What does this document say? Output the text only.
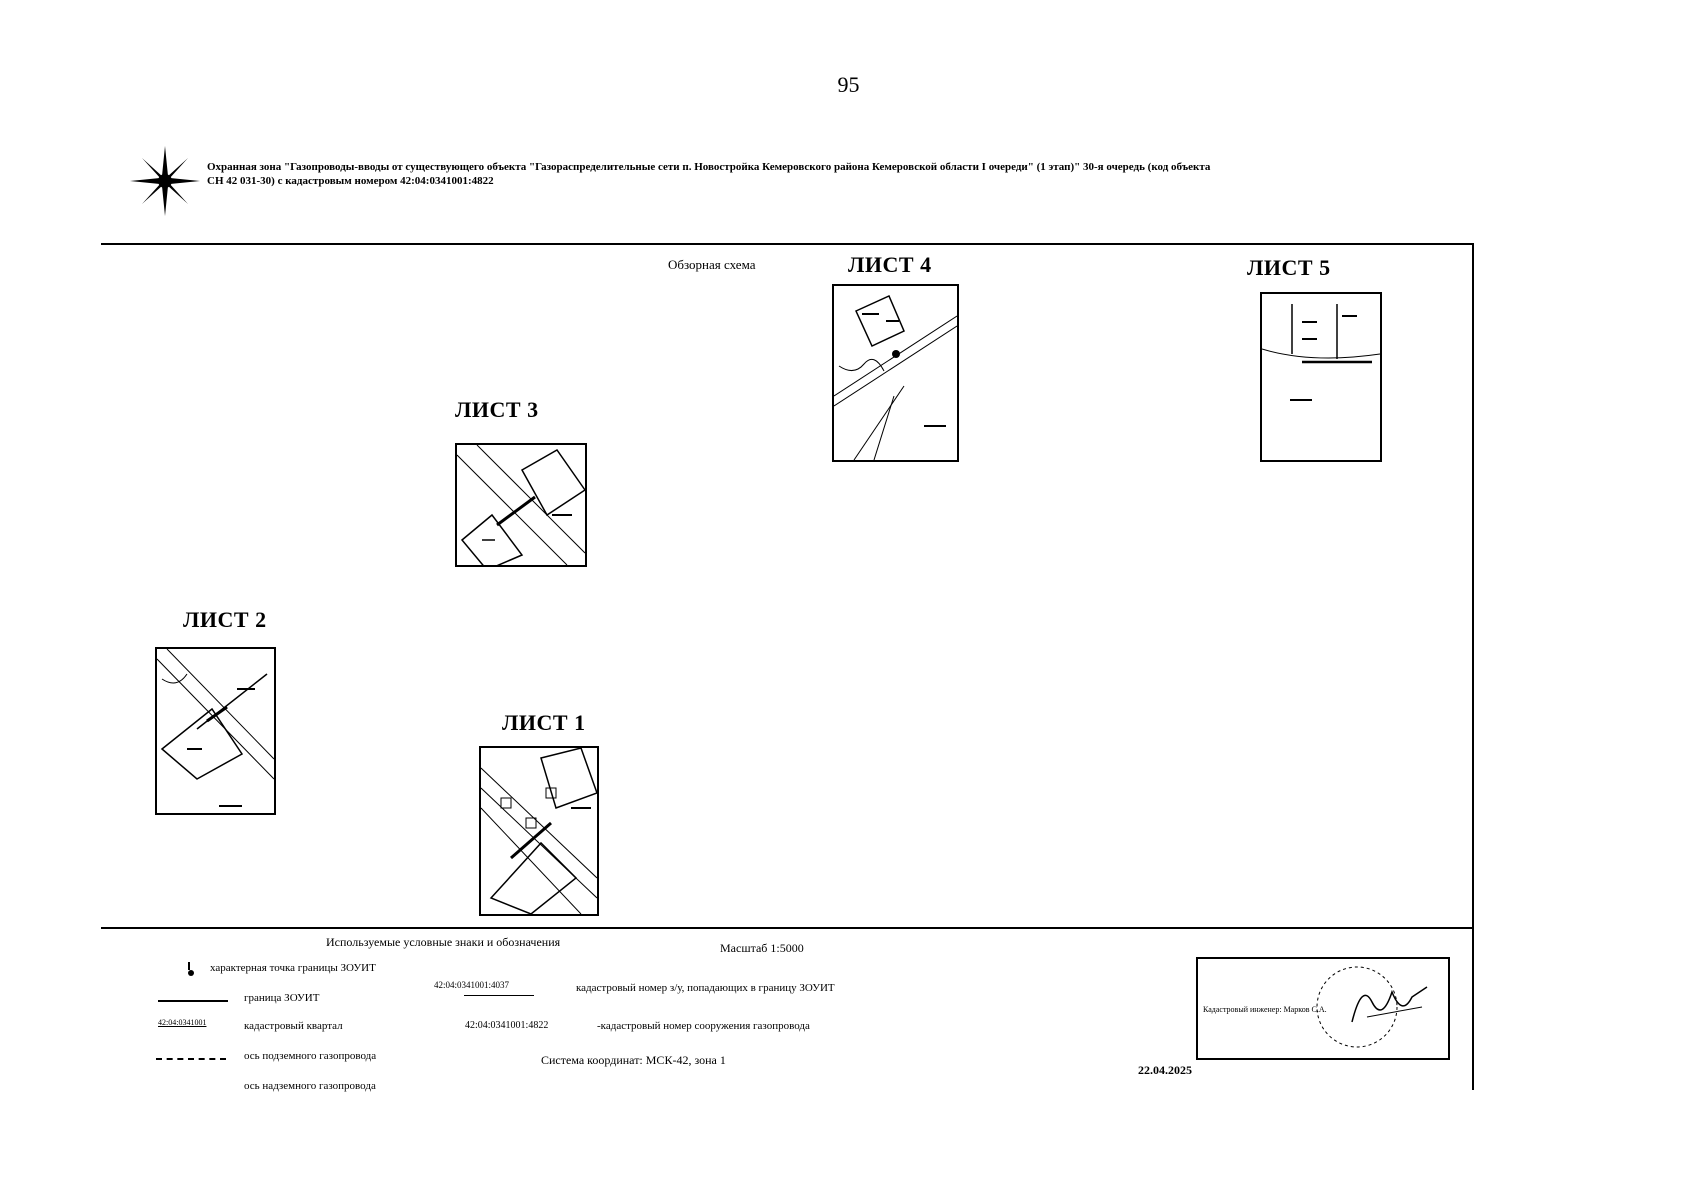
95
Охранная зона "Газопроводы-вводы от существующего объекта "Газораспределительные сети п. Новостройка Кемеровского района Кемеровской области I очереди" (1 этап)" 30-я очередь (код объекта
СН 42 031-30) с кадастровым номером 42:04:0341001:4822
Обзорная схема	ЛИСТ 4	ЛИСТ 5
ЛИСТ 3
ЛИСТ 2
ЛИСТ 1
Используемые условные знаки и обозначения	Масштаб 1:5000
характерная точка границы ЗОУИТ
граница ЗОУИТ
42:04:0341001:4037	кадастровый номер з/у, попадающих в границу ЗОУИТ
42:04:0341001	кадастровый квартал	42:04:0341001:4822	-кадастровый номер сооружения газопровода
ось подземного газопровода	Система координат: МСК-42, зона 1
ось надземного газопровода
Кадастровый инженер: Марков С.А.
22.04.2025
